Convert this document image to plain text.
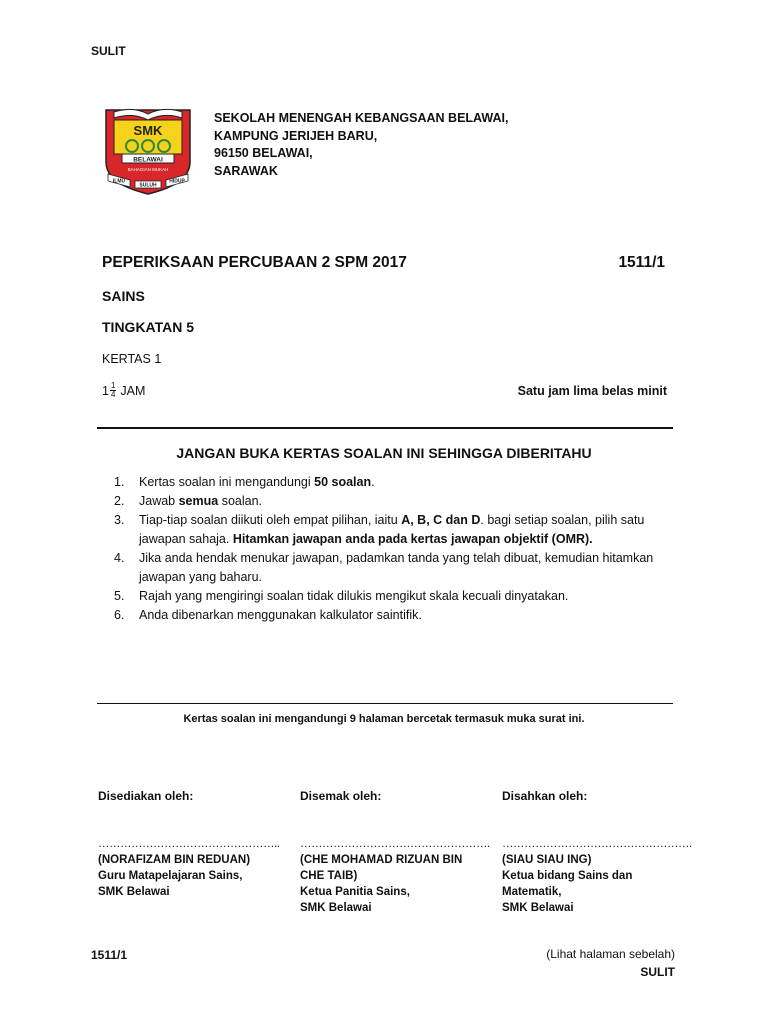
SULIT
SMK
BELAWAI
BAHAGIAN MUKAH
ILMU
SULUH
HIDUP
SEKOLAH MENENGAH KEBANGSAAN BELAWAI,
KAMPUNG JERIJEH BARU,
96150 BELAWAI,
SARAWAK
PEPERIKSAAN PERCUBAAN 2 SPM 2017	1511/1
SAINS
TINGKATAN 5
KERTAS 1
$1 \frac{1}{4}$ JAM	Satu jam lima belas minit
JANGAN BUKA KERTAS SOALAN INI SEHINGGA DIBERITAHU
1.	Kertas soalan ini mengandungi 50 soalan.
2.	Jawab semua soalan.
3.	Tiap-tiap soalan diikuti oleh empat pilihan, iaitu A, B, C dan D. bagi setiap soalan, pilih satu jawapan sahaja. Hitamkan jawapan anda pada kertas jawapan objektif (OMR).
4.	Jika anda hendak menukar jawapan, padamkan tanda yang telah dibuat, kemudian hitamkan jawapan yang baharu.
5.	Rajah yang mengiringi soalan tidak dilukis mengikut skala kecuali dinyatakan.
6.	Anda dibenarkan menggunakan kalkulator saintifik.
Kertas soalan ini mengandungi 9 halaman bercetak termasuk muka surat ini.
Disediakan oleh:
…………………………………………..
(NORAFIZAM BIN REDUAN)
Guru Matapelajaran Sains,
SMK Belawai
Disemak oleh:
…………………………………………….
(CHE MOHAMAD RIZUAN BIN
CHE TAIB)
Ketua Panitia Sains,
SMK Belawai
Disahkan oleh:
…………………………………………….
(SIAU SIAU ING)
Ketua bidang Sains dan
Matematik,
SMK Belawai
1511/1	(Lihat halaman sebelah)
SULIT
